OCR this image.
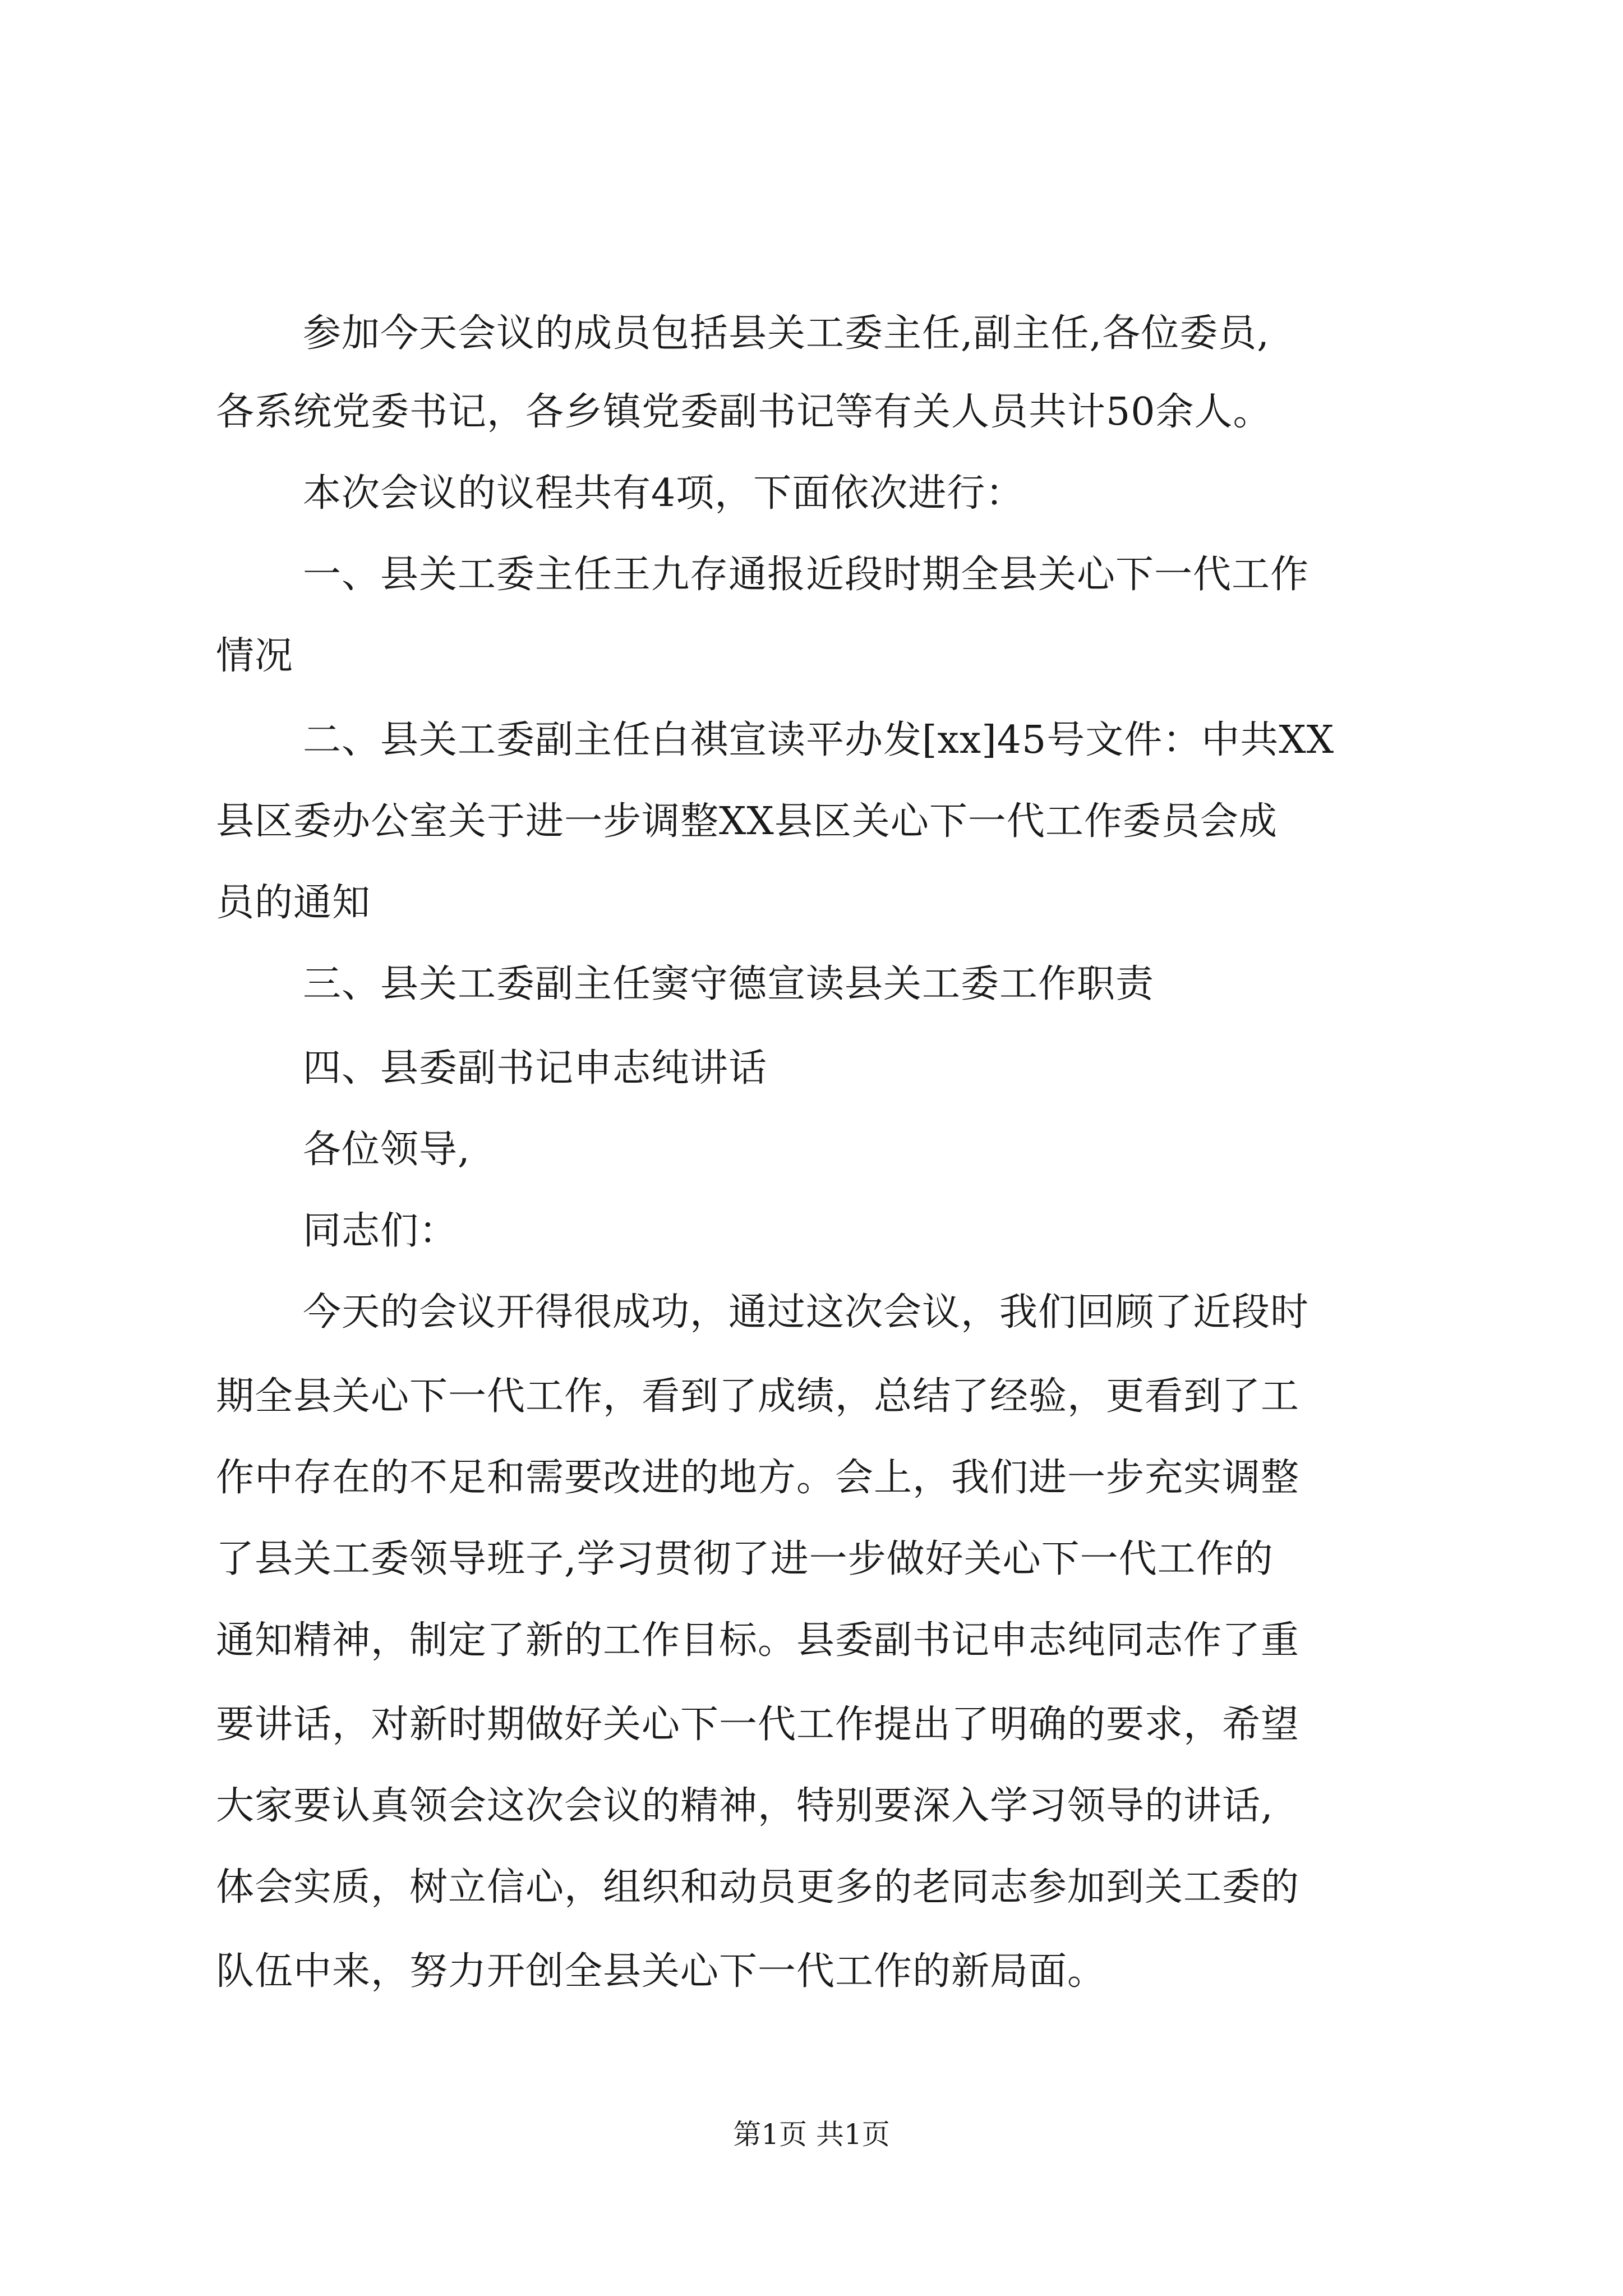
参加今天会议的成员包括县关工委主任,副主任,各位委员,
各系统党委书记，各乡镇党委副书记等有关人员共计50余人。
本次会议的议程共有4项，下面依次进行：
一、县关工委主任王九存通报近段时期全县关心下一代工作
情况
二、县关工委副主任白祺宣读平办发[xx]45号文件：中共XX
县区委办公室关于进一步调整XX县区关心下一代工作委员会成
员的通知
三、县关工委副主任窦守德宣读县关工委工作职责
四、县委副书记申志纯讲话
各位领导,
同志们：
今天的会议开得很成功，通过这次会议，我们回顾了近段时
期全县关心下一代工作，看到了成绩，总结了经验，更看到了工
作中存在的不足和需要改进的地方。会上，我们进一步充实调整
了县关工委领导班子,学习贯彻了进一步做好关心下一代工作的
通知精神，制定了新的工作目标。县委副书记申志纯同志作了重
要讲话，对新时期做好关心下一代工作提出了明确的要求，希望
大家要认真领会这次会议的精神，特别要深入学习领导的讲话,
体会实质，树立信心，组织和动员更多的老同志参加到关工委的
队伍中来，努力开创全县关心下一代工作的新局面。
第1页 共1页
